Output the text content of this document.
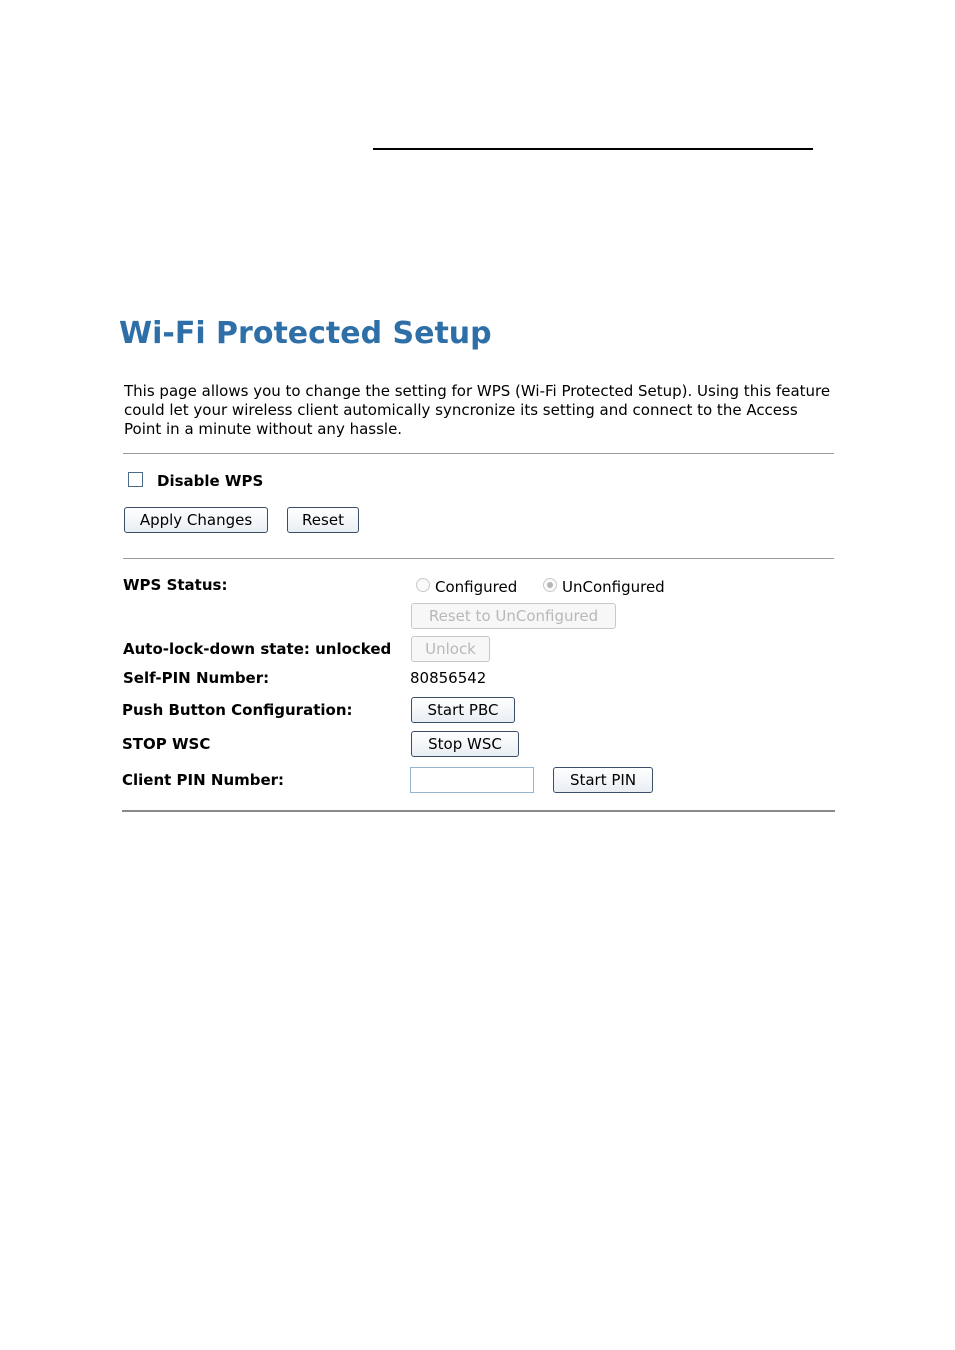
Wi-Fi Protected Setup
This page allows you to change the setting for WPS (Wi-Fi Protected Setup). Using this feature could let your wireless client automically syncronize its setting and connect to the Access Point in a minute without any hassle.
Disable WPS
Apply Changes	Reset
WPS Status:	Configured	UnConfigured
Reset to UnConfigured
Auto-lock-down state: unlocked	Unlock
Self-PIN Number:	80856542
Push Button Configuration:	Start PBC
STOP WSC	Stop WSC
Client PIN Number:	Start PIN
